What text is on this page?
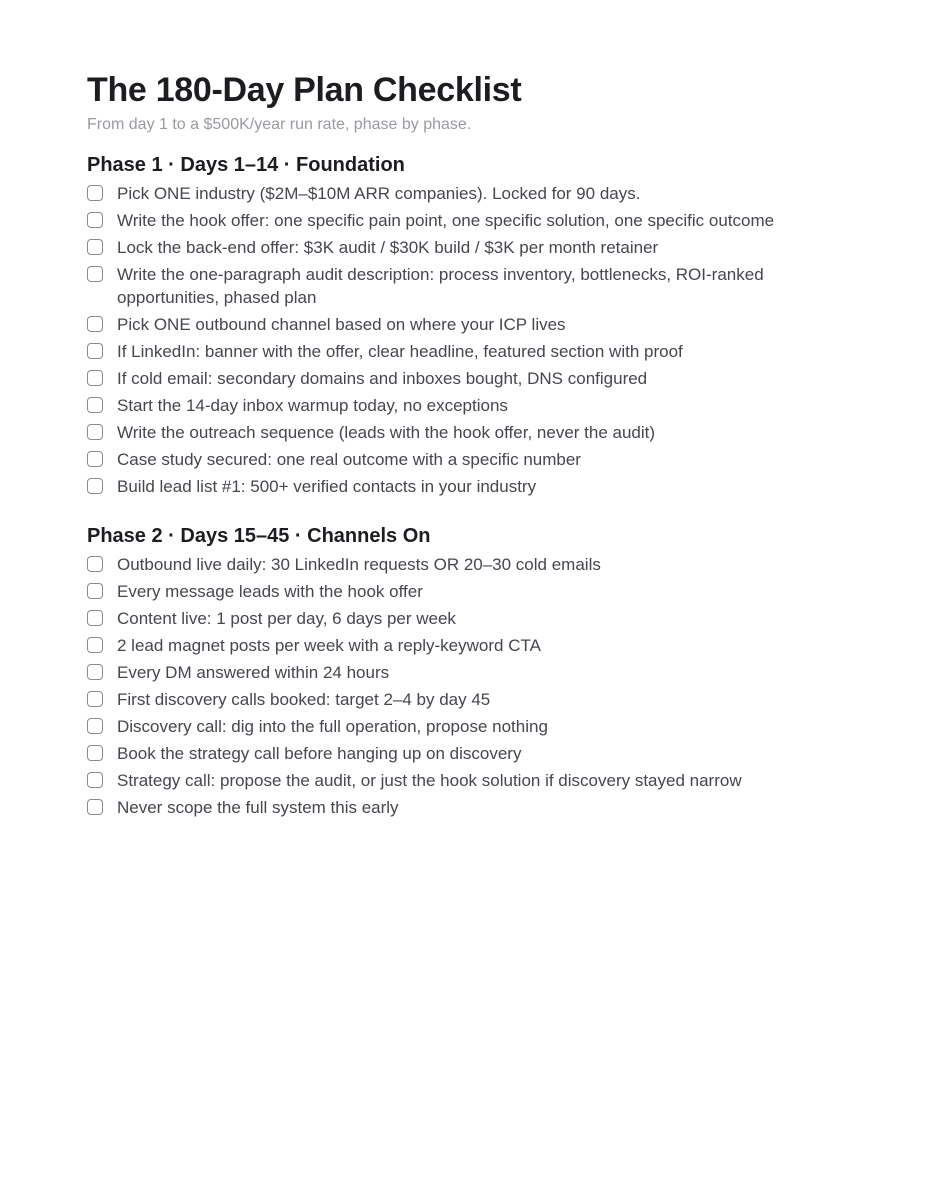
The 180-Day Plan Checklist

From day 1 to a $500K/year run rate, phase by phase.

Phase 1 · Days 1–14 · Foundation
Pick ONE industry ($2M–$10M ARR companies). Locked for 90 days.
Write the hook offer: one specific pain point, one specific solution, one specific outcome
Lock the back-end offer: $3K audit / $30K build / $3K per month retainer
Write the one-paragraph audit description: process inventory, bottlenecks, ROI-ranked opportunities, phased plan
Pick ONE outbound channel based on where your ICP lives
If LinkedIn: banner with the offer, clear headline, featured section with proof
If cold email: secondary domains and inboxes bought, DNS configured
Start the 14-day inbox warmup today, no exceptions
Write the outreach sequence (leads with the hook offer, never the audit)
Case study secured: one real outcome with a specific number
Build lead list #1: 500+ verified contacts in your industry
Phase 2 · Days 15–45 · Channels On
Outbound live daily: 30 LinkedIn requests OR 20–30 cold emails
Every message leads with the hook offer
Content live: 1 post per day, 6 days per week
2 lead magnet posts per week with a reply-keyword CTA
Every DM answered within 24 hours
First discovery calls booked: target 2–4 by day 45
Discovery call: dig into the full operation, propose nothing
Book the strategy call before hanging up on discovery
Strategy call: propose the audit, or just the hook solution if discovery stayed narrow
Never scope the full system this early
